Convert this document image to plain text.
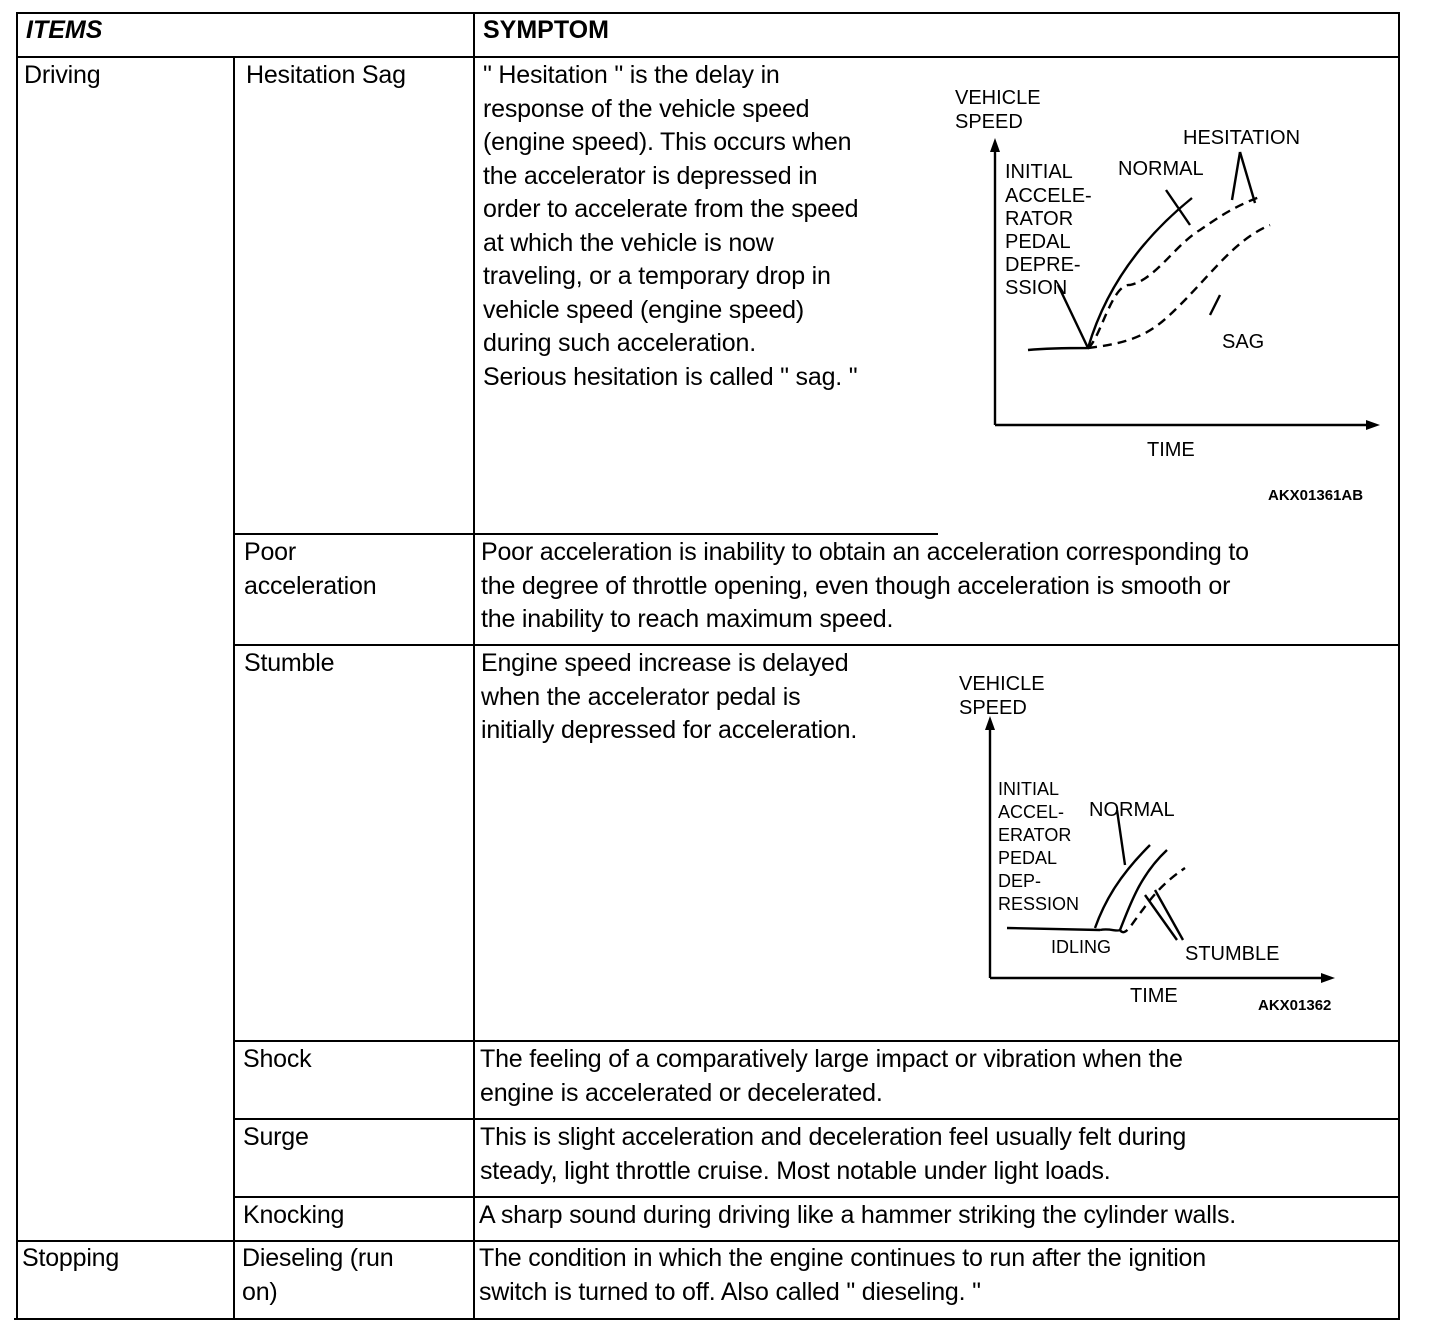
ITEMS	SYMPTOM
Driving
Stopping
Hesitation Sag
Poor
acceleration
Stumble
Shock
Surge
Knocking
Dieseling (run
on)
" Hesitation " is the delay in
response of the vehicle speed
(engine speed). This occurs when
the accelerator is depressed in
order to accelerate from the speed
at which the vehicle is now
traveling, or a temporary drop in
vehicle speed (engine speed)
during such acceleration.
Serious hesitation is called " sag. "
Poor acceleration is inability to obtain an acceleration corresponding to
the degree of throttle opening, even though acceleration is smooth or
the inability to reach maximum speed.
Engine speed increase is delayed
when the accelerator pedal is
initially depressed for acceleration.
The feeling of a comparatively large impact or vibration when the
engine is accelerated or decelerated.
This is slight acceleration and deceleration feel usually felt during
steady, light throttle cruise. Most notable under light loads.
A sharp sound during driving like a hammer striking the cylinder walls.
The condition in which the engine continues to run after the ignition
switch is turned to off. Also called " dieseling. "
VEHICLE
SPEED
HESITATION
NORMAL
INITIAL
ACCELE-
RATOR
PEDAL
DEPRE-
SSION
SAG
TIME
AKX01361AB
VEHICLE
SPEED
NORMAL
STUMBLE
TIME
INITIAL
ACCEL-
ERATOR
PEDAL
DEP-
RESSION
IDLING
AKX01362
